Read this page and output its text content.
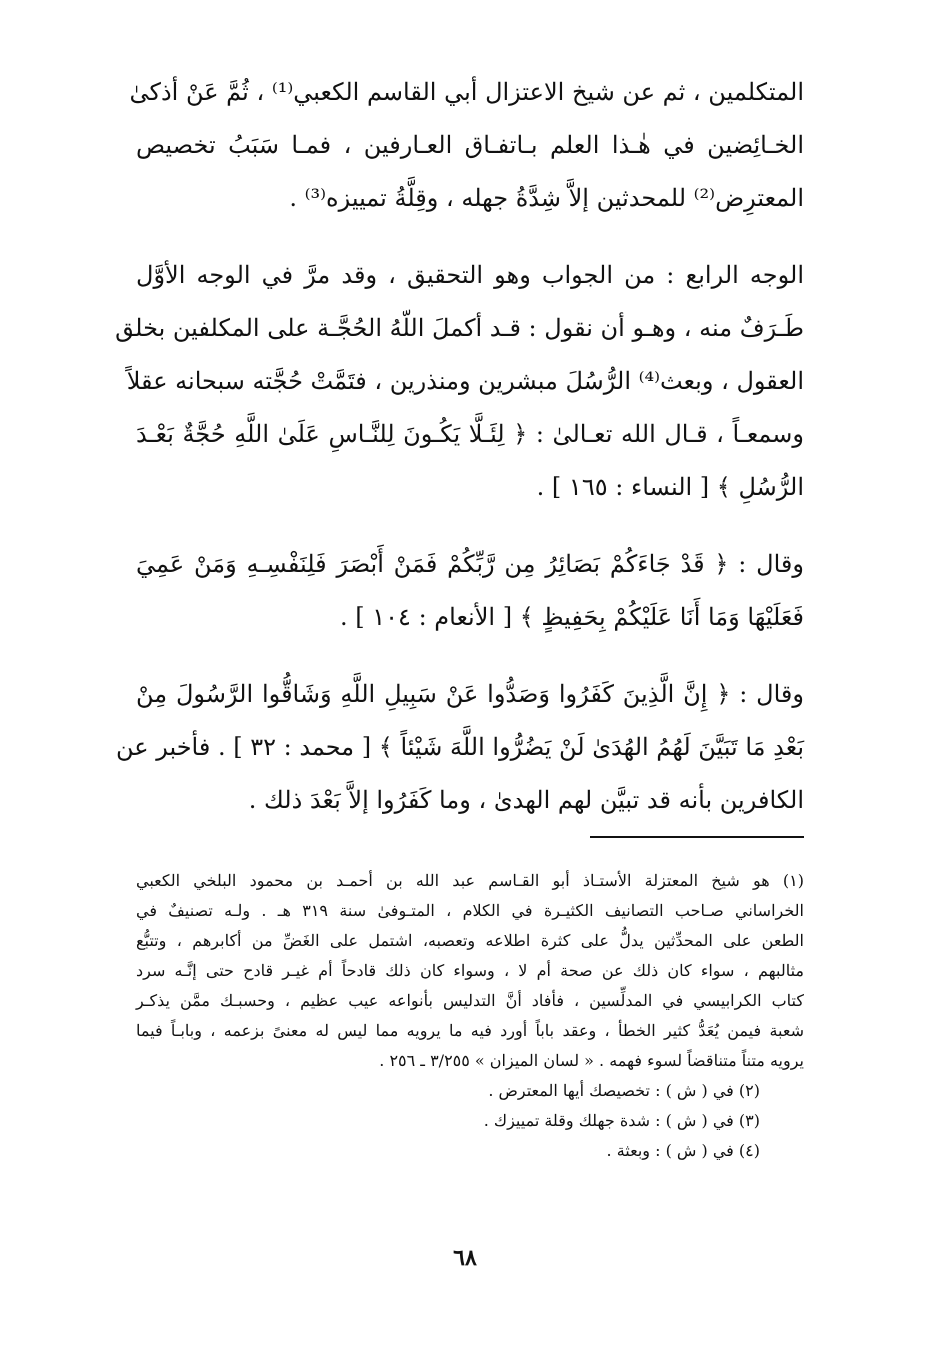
المتكلمين ، ثم عن شيخ الاعتزال أبي القاسم الكعبي⁽¹⁾ ، ثُمَّ عَنْ أذكىٰ
الخـائِضين في هٰـذا العلم بـاتفـاق العـارفين ، فمـا سَبَبُ تخصيص
المعترِض⁽²⁾ للمحدثين إلاَّ شِدَّةُ جهله ، وقِلَّةُ تمييزه⁽³⁾ .
الوجه الرابع : من الجواب وهو التحقيق ، وقد مرَّ في الوجه الأوَّل
طَـرَفٌ منه ، وهـو أن نقول : قـد أكملَ اللّهُ الحُجَّـة على المكلفين بخلق
العقول ، وبعث⁽⁴⁾ الرُّسُلَ مبشرين ومنذرين ، فتَمَّتْ حُجَّته سبحانه عقلاً
وسمعـاً ، قـال الله تعـالىٰ : ﴿ لِئَـلَّا يَكُـونَ لِلنَّـاسِ عَلَىٰ اللَّهِ حُجَّةٌ بَعْـدَ
الرُّسُلِ ﴾ [ النساء : ١٦٥ ] .
وقال : ﴿ قَدْ جَاءَكُمْ بَصَائِرُ مِن رَّبِّكُمْ فَمَنْ أَبْصَرَ فَلِنَفْسِـهِ وَمَنْ عَمِيَ
فَعَلَيْهَا وَمَا أَنَا عَلَيْكُمْ بِحَفِيظٍ ﴾ [ الأنعام : ١٠٤ ] .
وقال : ﴿ إِنَّ الَّذِينَ كَفَرُوا وَصَدُّوا عَنْ سَبِيلِ اللَّهِ وَشَاقُّوا الرَّسُولَ مِنْ
بَعْدِ مَا تَبَيَّنَ لَهُمُ الهُدَىٰ لَنْ يَضُرُّوا اللَّهَ شَيْئاً ﴾ [ محمد : ٣٢ ] . فأخبر عن
الكافرين بأنه قد تبيَّن لهم الهدىٰ ، وما كَفَرُوا إلاَّ بَعْدَ ذلك .
(١) هو شيخ المعتزلة الأستـاذ أبو القـاسم عبد الله بن أحمـد بن محمود البلخي الكعبي
الخراساني صـاحب التصانيف الكثيـرة في الكلام ، المتـوفىٰ سنة ٣١٩ هـ . ولـه تصنيفٌ في
الطعن على المحدِّثين يدلُّ على كثرة اطلاعه وتعصبه، اشتمل على الغَضِّ من أكابرهم ، وتتبُّع
مثالبهم ، سواء كان ذلك عن صحة أم لا ، وسواء كان ذلك قادحاً أم غيـر قادح حتى إنَّـه سرد
كتاب الكرابيسي في المدلِّسين ، فأفاد أنَّ التدليس بأنواعه عيب عظيم ، وحسبـك ممَّن يذكـر
شعبة فيمن يُعَدُّ كثير الخطأ ، وعقد باباً أورد فيه ما يرويه مما ليس له معنىً بزعمه ، وبابـاً فيما
يرويه متناً متناقضاً لسوء فهمه . « لسان الميزان » ٣/٢٥٥ ـ ٢٥٦ .
(٢) في ( ش ) : تخصيصك أيها المعترض .
(٣) في ( ش ) : شدة جهلك وقلة تمييزك .
(٤) في ( ش ) : وبعثة .
٦٨
